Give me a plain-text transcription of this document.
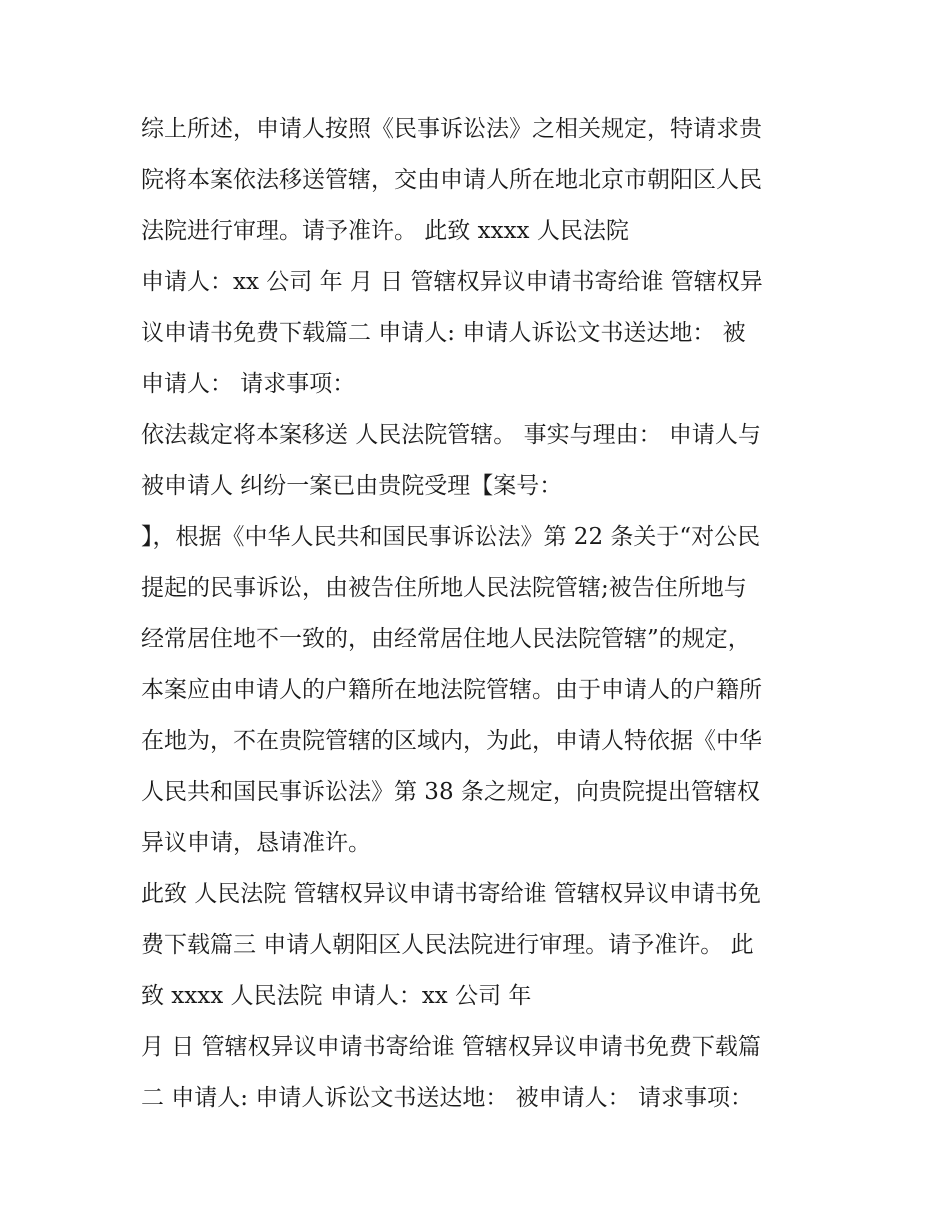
综上所述，申请人按照《民事诉讼法》之相关规定，特请求贵

院将本案依法移送管辖，交由申请人所在地北京市朝阳区人民

法院进行审理。请予准许。 此致 xxxx 人民法院

申请人：xx 公司 年 月 日 管辖权异议申请书寄给谁 管辖权异

议申请书免费下载篇二 申请人: 申请人诉讼文书送达地： 被

申请人： 请求事项：

依法裁定将本案移送 人民法院管辖。 事实与理由： 申请人与

被申请人 纠纷一案已由贵院受理【案号：

】，根据《中华人民共和国民事诉讼法》第 22 条关于“对公民

提起的民事诉讼，由被告住所地人民法院管辖;被告住所地与

经常居住地不一致的，由经常居住地人民法院管辖”的规定，

本案应由申请人的户籍所在地法院管辖。由于申请人的户籍所

在地为，不在贵院管辖的区域内，为此，申请人特依据《中华

人民共和国民事诉讼法》第 38 条之规定，向贵院提出管辖权

异议申请，恳请准许。

此致 人民法院 管辖权异议申请书寄给谁 管辖权异议申请书免

费下载篇三 申请人朝阳区人民法院进行审理。请予准许。 此

致 xxxx 人民法院 申请人：xx 公司 年

月 日 管辖权异议申请书寄给谁 管辖权异议申请书免费下载篇

二 申请人: 申请人诉讼文书送达地： 被申请人： 请求事项：
